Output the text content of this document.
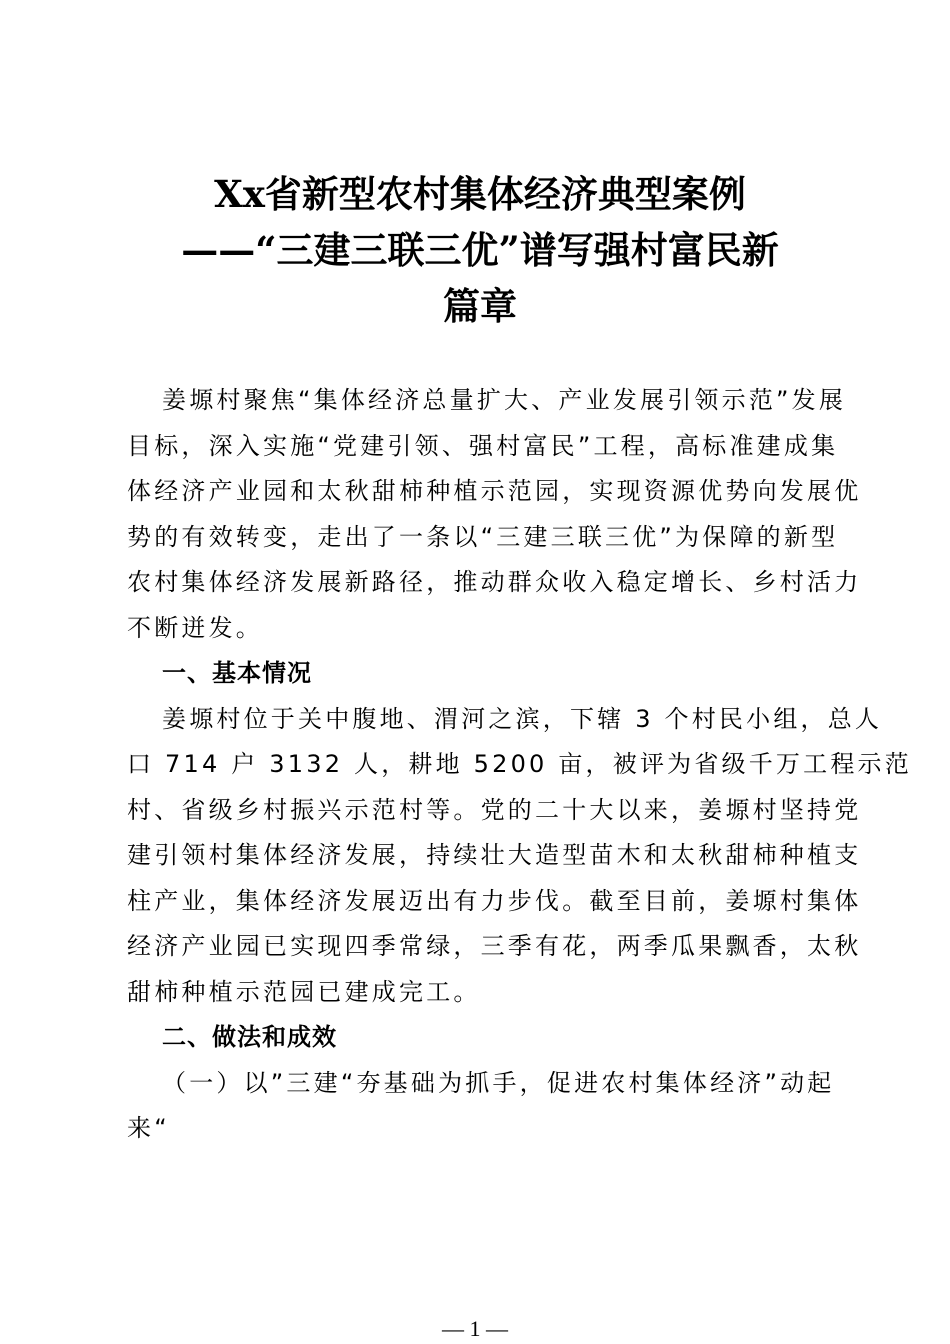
Xx省新型农村集体经济典型案例
——“三建三联三优”谱写强村富民新
篇章
姜塬村聚焦“集体经济总量扩大、产业发展引领示范”发展
目标，深入实施“党建引领、强村富民”工程，高标准建成集
体经济产业园和太秋甜柿种植示范园，实现资源优势向发展优
势的有效转变，走出了一条以“三建三联三优”为保障的新型
农村集体经济发展新路径，推动群众收入稳定增长、乡村活力
不断迸发。
一、基本情况
姜塬村位于关中腹地、渭河之滨，下辖 3 个村民小组，总人
口 714 户 3132 人，耕地 5200 亩，被评为省级千万工程示范
村、省级乡村振兴示范村等。党的二十大以来，姜塬村坚持党
建引领村集体经济发展，持续壮大造型苗木和太秋甜柿种植支
柱产业，集体经济发展迈出有力步伐。截至目前，姜塬村集体
经济产业园已实现四季常绿，三季有花，两季瓜果飘香，太秋
甜柿种植示范园已建成完工。
二、做法和成效
（一）以”三建“夯基础为抓手，促进农村集体经济”动起
来“
— 1 —
